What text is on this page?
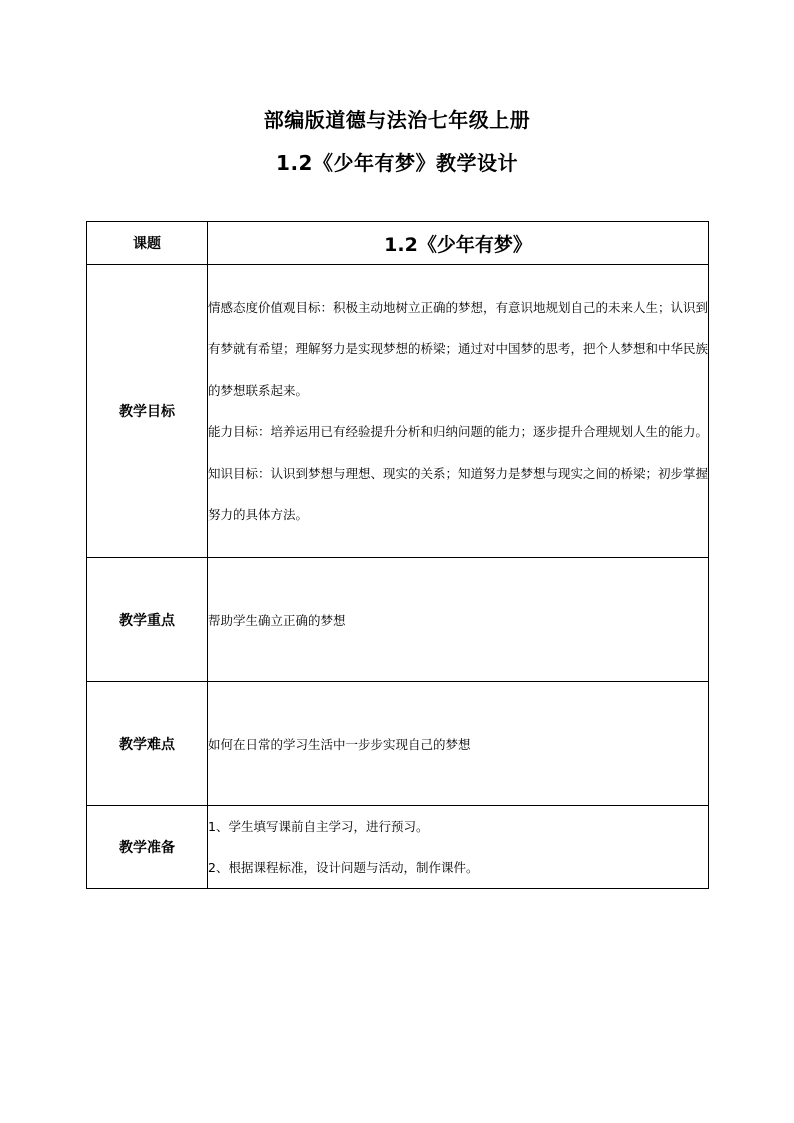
部编版道德与法治七年级上册
1.2《少年有梦》教学设计
课题	1.2《少年有梦》
教学目标	情感态度价值观目标：积极主动地树立正确的梦想，有意识地规划自己的未来人生；认识到有梦就有希望；理解努力是实现梦想的桥梁；通过对中国梦的思考，把个人梦想和中华民族的梦想联系起来。

能力目标：培养运用已有经验提升分析和归纳问题的能力；逐步提升合理规划人生的能力。

知识目标：认识到梦想与理想、现实的关系；知道努力是梦想与现实之间的桥梁；初步掌握努力的具体方法。

教学重点	帮助学生确立正确的梦想
教学难点	如何在日常的学习生活中一步步实现自己的梦想
教学准备	1、学生填写课前自主学习，进行预习。

2、根据课程标准，设计问题与活动，制作课件。
